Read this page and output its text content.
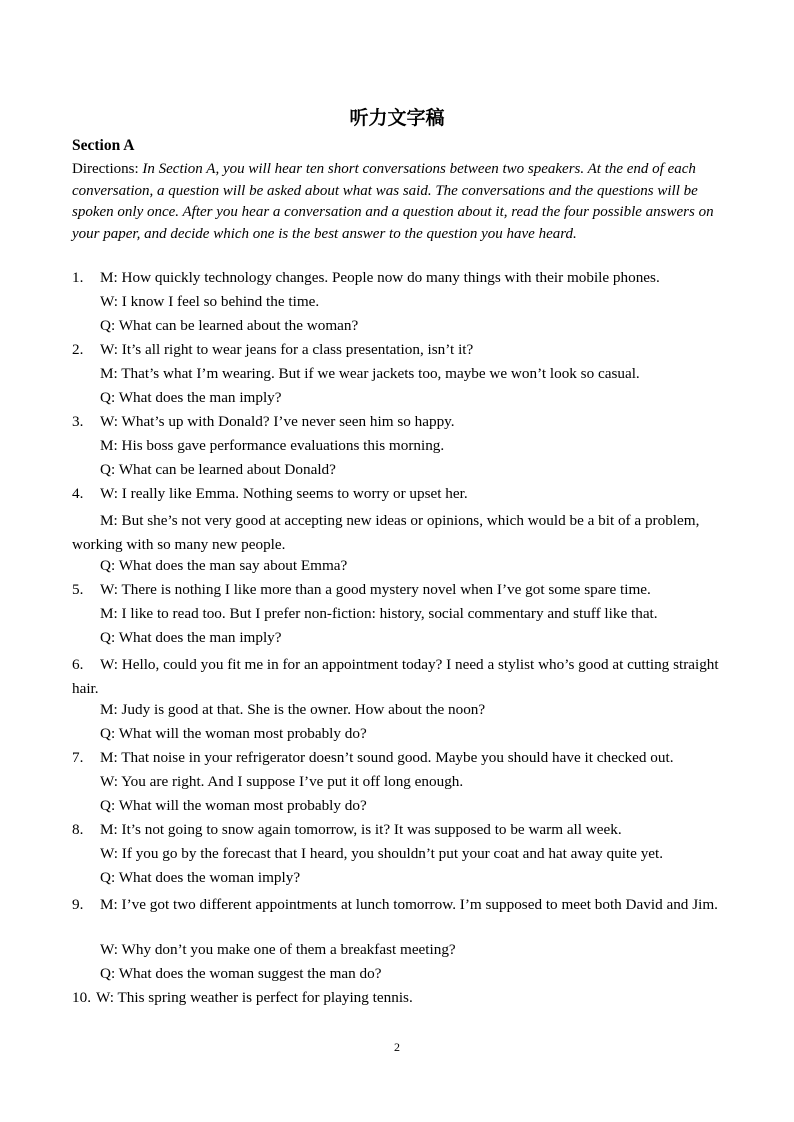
听力文字稿
Section A
Directions: In Section A, you will hear ten short conversations between two speakers. At the end of each conversation, a question will be asked about what was said. The conversations and the questions will be spoken only once. After you hear a conversation and a question about it, read the four possible answers on your paper, and decide which one is the best answer to the question you have heard.
1. M: How quickly technology changes. People now do many things with their mobile phones.
W: I know I feel so behind the time.
Q: What can be learned about the woman?
2. W: It’s all right to wear jeans for a class presentation, isn’t it?
M: That’s what I’m wearing. But if we wear jackets too, maybe we won’t look so casual.
Q: What does the man imply?
3. W: What’s up with Donald? I’ve never seen him so happy.
M: His boss gave performance evaluations this morning.
Q: What can be learned about Donald?
4. W: I really like Emma. Nothing seems to worry or upset her.
M: But she’s not very good at accepting new ideas or opinions, which would be a bit of a problem, working with so many new people.
Q: What does the man say about Emma?
5. W: There is nothing I like more than a good mystery novel when I’ve got some spare time.
M: I like to read too. But I prefer non-fiction: history, social commentary and stuff like that.
Q: What does the man imply?
6. W: Hello, could you fit me in for an appointment today? I need a stylist who’s good at cutting straight hair.
M: Judy is good at that. She is the owner. How about the noon?
Q: What will the woman most probably do?
7. M: That noise in your refrigerator doesn’t sound good. Maybe you should have it checked out.
W: You are right. And I suppose I’ve put it off long enough.
Q: What will the woman most probably do?
8. M: It’s not going to snow again tomorrow, is it? It was supposed to be warm all week.
W: If you go by the forecast that I heard, you shouldn’t put your coat and hat away quite yet.
Q: What does the woman imply?
9. M: I’ve got two different appointments at lunch tomorrow. I’m supposed to meet both David and Jim.
W: Why don’t you make one of them a breakfast meeting?
Q: What does the woman suggest the man do?
10. W: This spring weather is perfect for playing tennis.
2
